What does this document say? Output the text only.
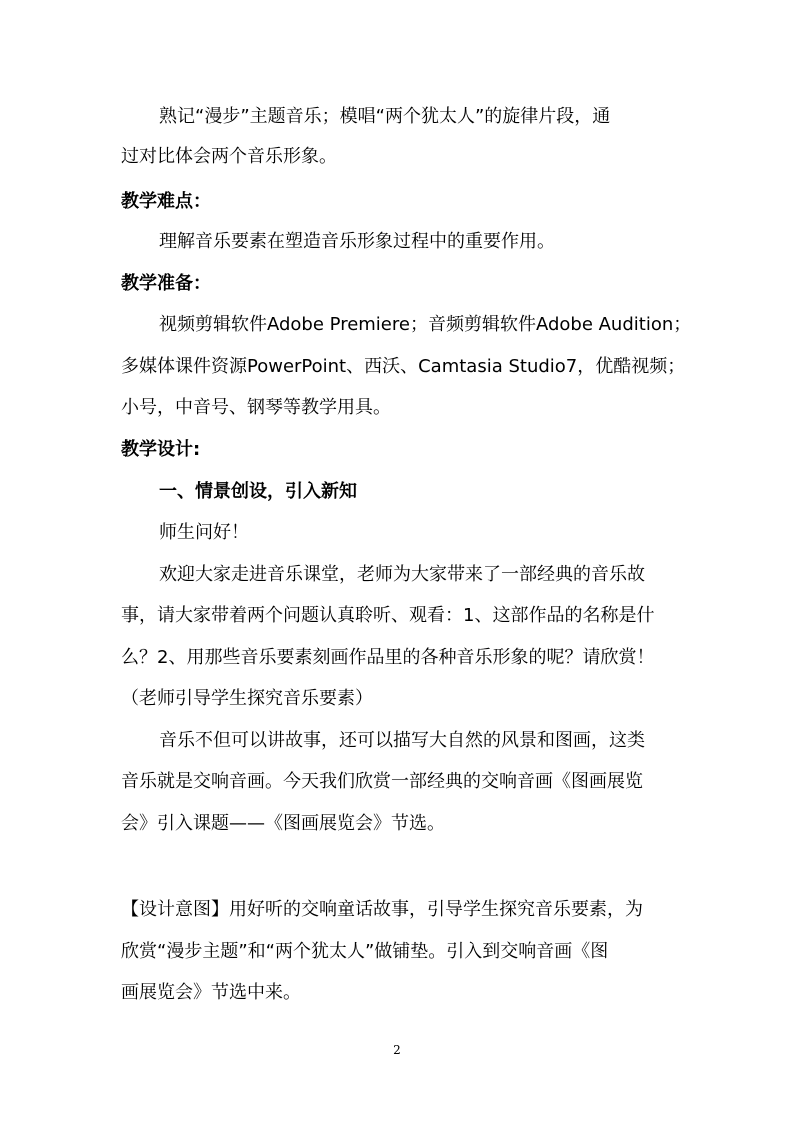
熟记“漫步”主题音乐；模唱“两个犹太人”的旋律片段，通
过对比体会两个音乐形象。
教学难点：
理解音乐要素在塑造音乐形象过程中的重要作用。
教学准备：
视频剪辑软件Adobe Premiere；音频剪辑软件Adobe Audition；
多媒体课件资源PowerPoint、西沃、Camtasia Studio7，优酷视频；
小号，中音号、钢琴等教学用具。
教学设计:
一、情景创设，引入新知
师生问好！
欢迎大家走进音乐课堂，老师为大家带来了一部经典的音乐故
事，请大家带着两个问题认真聆听、观看：1、这部作品的名称是什
么？2、用那些音乐要素刻画作品里的各种音乐形象的呢？请欣赏！
（老师引导学生探究音乐要素）
音乐不但可以讲故事，还可以描写大自然的风景和图画，这类
音乐就是交响音画。今天我们欣赏一部经典的交响音画《图画展览
会》引入课题——《图画展览会》节选。
【设计意图】用好听的交响童话故事，引导学生探究音乐要素，为
欣赏“漫步主题”和“两个犹太人”做铺垫。引入到交响音画《图
画展览会》节选中来。
2
